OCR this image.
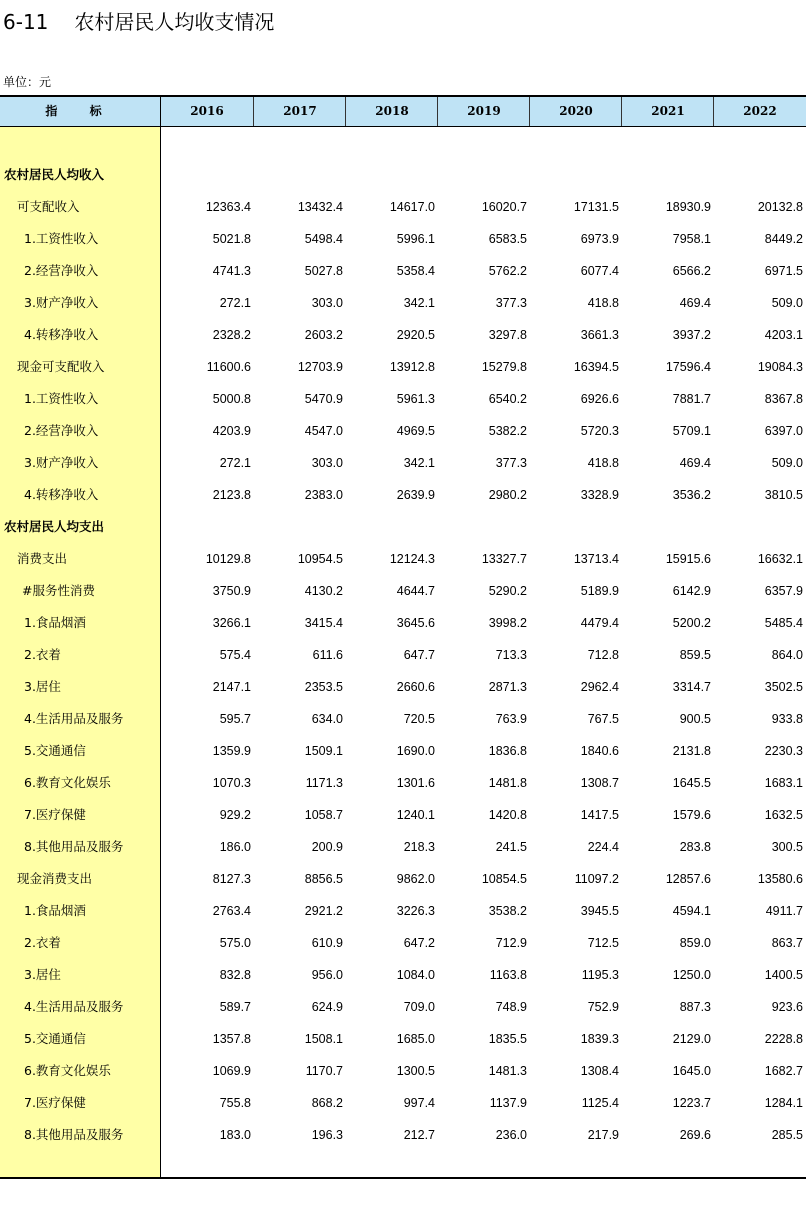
6-11 农村居民人均收支情况
单位：元
指 标	2016	2017	2018	2019	2020	2021	2022
农村居民人均收入
可支配收入	12363.4	13432.4	14617.0	16020.7	17131.5	18930.9	20132.8
1.工资性收入	5021.8	5498.4	5996.1	6583.5	6973.9	7958.1	8449.2
2.经营净收入	4741.3	5027.8	5358.4	5762.2	6077.4	6566.2	6971.5
3.财产净收入	272.1	303.0	342.1	377.3	418.8	469.4	509.0
4.转移净收入	2328.2	2603.2	2920.5	3297.8	3661.3	3937.2	4203.1
现金可支配收入	11600.6	12703.9	13912.8	15279.8	16394.5	17596.4	19084.3
1.工资性收入	5000.8	5470.9	5961.3	6540.2	6926.6	7881.7	8367.8
2.经营净收入	4203.9	4547.0	4969.5	5382.2	5720.3	5709.1	6397.0
3.财产净收入	272.1	303.0	342.1	377.3	418.8	469.4	509.0
4.转移净收入	2123.8	2383.0	2639.9	2980.2	3328.9	3536.2	3810.5
农村居民人均支出
消费支出	10129.8	10954.5	12124.3	13327.7	13713.4	15915.6	16632.1
#服务性消费	3750.9	4130.2	4644.7	5290.2	5189.9	6142.9	6357.9
1.食品烟酒	3266.1	3415.4	3645.6	3998.2	4479.4	5200.2	5485.4
2.衣着	575.4	611.6	647.7	713.3	712.8	859.5	864.0
3.居住	2147.1	2353.5	2660.6	2871.3	2962.4	3314.7	3502.5
4.生活用品及服务	595.7	634.0	720.5	763.9	767.5	900.5	933.8
5.交通通信	1359.9	1509.1	1690.0	1836.8	1840.6	2131.8	2230.3
6.教育文化娱乐	1070.3	1171.3	1301.6	1481.8	1308.7	1645.5	1683.1
7.医疗保健	929.2	1058.7	1240.1	1420.8	1417.5	1579.6	1632.5
8.其他用品及服务	186.0	200.9	218.3	241.5	224.4	283.8	300.5
现金消费支出	8127.3	8856.5	9862.0	10854.5	11097.2	12857.6	13580.6
1.食品烟酒	2763.4	2921.2	3226.3	3538.2	3945.5	4594.1	4911.7
2.衣着	575.0	610.9	647.2	712.9	712.5	859.0	863.7
3.居住	832.8	956.0	1084.0	1163.8	1195.3	1250.0	1400.5
4.生活用品及服务	589.7	624.9	709.0	748.9	752.9	887.3	923.6
5.交通通信	1357.8	1508.1	1685.0	1835.5	1839.3	2129.0	2228.8
6.教育文化娱乐	1069.9	1170.7	1300.5	1481.3	1308.4	1645.0	1682.7
7.医疗保健	755.8	868.2	997.4	1137.9	1125.4	1223.7	1284.1
8.其他用品及服务	183.0	196.3	212.7	236.0	217.9	269.6	285.5
